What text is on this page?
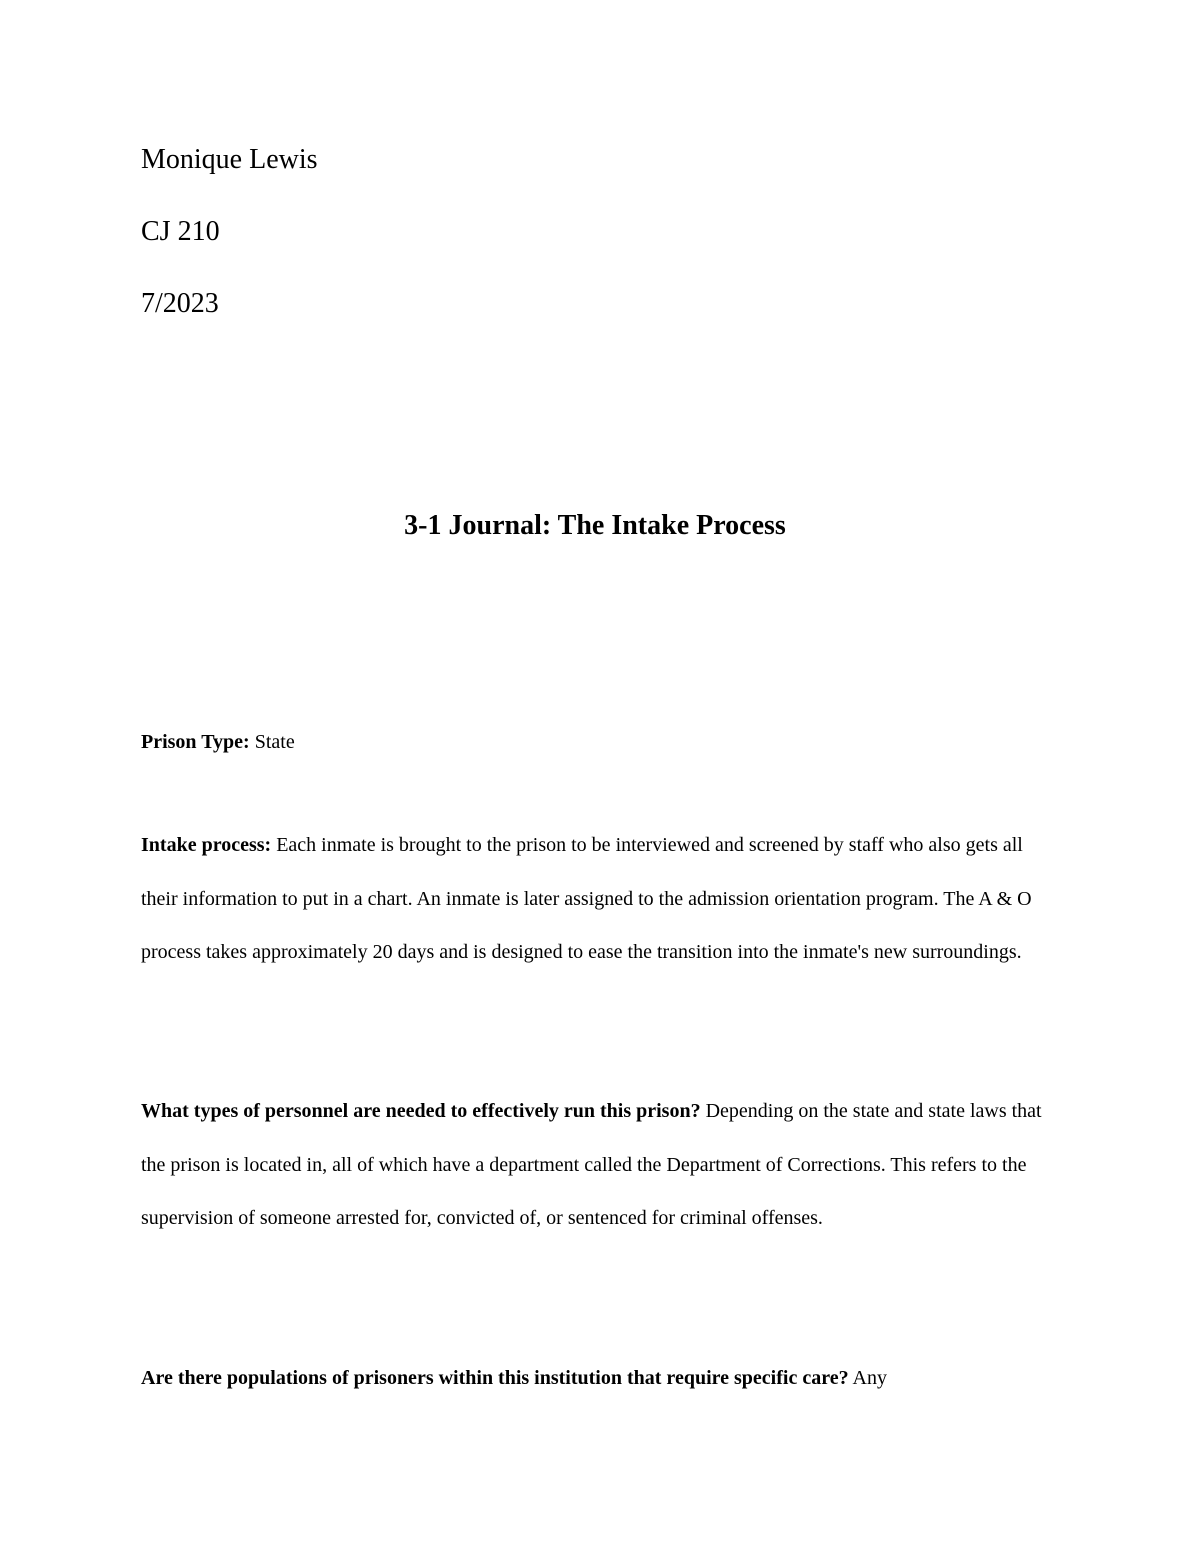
Monique Lewis
CJ 210
7/2023
3-1 Journal: The Intake Process
Prison Type: State
Intake process: Each inmate is brought to the prison to be interviewed and screened by staff who also gets all their information to put in a chart. An inmate is later assigned to the admission orientation program. The A & O process takes approximately 20 days and is designed to ease the transition into the inmate's new surroundings.
What types of personnel are needed to effectively run this prison? Depending on the state and state laws that the prison is located in, all of which have a department called the Department of Corrections. This refers to the supervision of someone arrested for, convicted of, or sentenced for criminal offenses.
Are there populations of prisoners within this institution that require specific care? Any
